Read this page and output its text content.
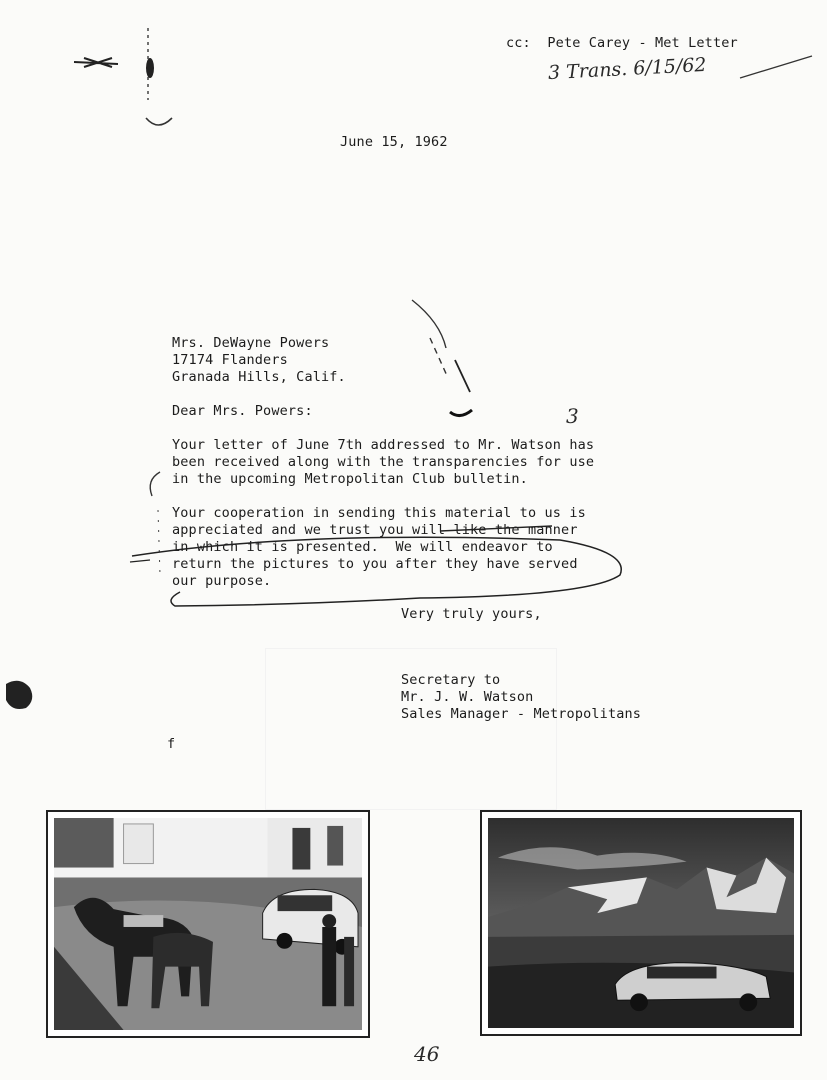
cc:  Pete Carey - Met Letter
3 Trans. 6/15/62
June 15, 1962
Mrs. DeWayne Powers
17174 Flanders
Granada Hills, Calif.
Dear Mrs. Powers:
Your letter of June 7th addressed to Mr. Watson has
been received along with the transparencies for use
in the upcoming Metropolitan Club bulletin.
Your cooperation in sending this material to us is
appreciated and we trust you will like the manner
in which it is presented.  We will endeavor to
return the pictures to you after they have served
our purpose.
Very truly yours,
Secretary to
Mr. J. W. Watson
Sales Manager - Metropolitans
f
3
46
